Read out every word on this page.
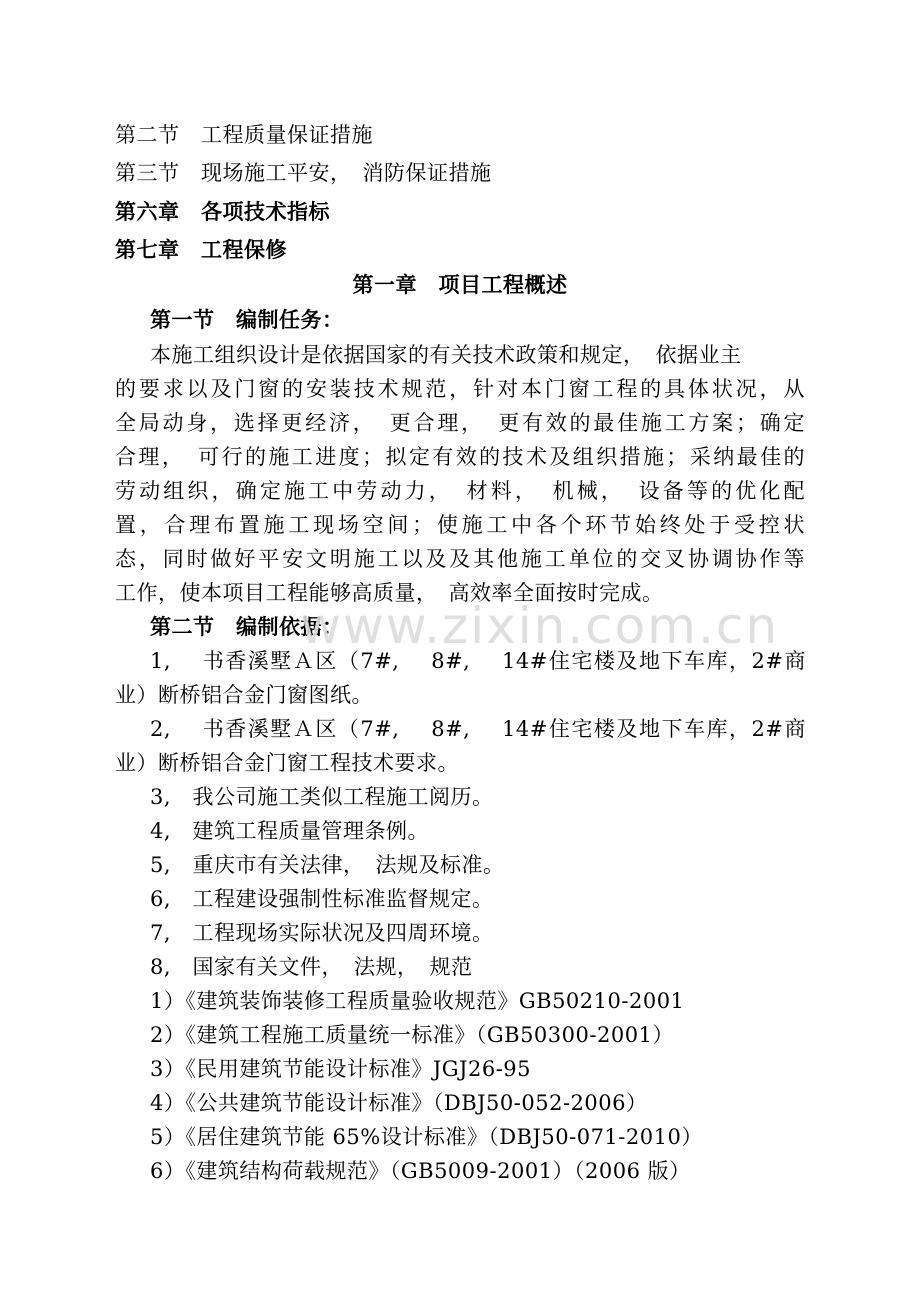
第二节　工程质量保证措施
第三节　现场施工平安，　消防保证措施
第六章　各项技术指标
第七章　工程保修
第一章　项目工程概述
第一节　编制任务：
本施工组织设计是依据国家的有关技术政策和规定，　依据业主
的要求以及门窗的安装技术规范，针对本门窗工程的具体状况，从
全局动身，选择更经济，　更合理，　更有效的最佳施工方案；确定
合理，　可行的施工进度；拟定有效的技术及组织措施；采纳最佳的
劳动组织，确定施工中劳动力，　材料，　机械，　设备等的优化配
置，合理布置施工现场空间；使施工中各个环节始终处于受控状
态，同时做好平安文明施工以及及其他施工单位的交叉协调协作等
工作，使本项目工程能够高质量，　高效率全面按时完成。
第二节　编制依据：
1,　 书香溪墅Ａ区（7#,　 8#,　 14#住宅楼及地下车库，2#商
业）断桥铝合金门窗图纸。
2,　 书香溪墅Ａ区（7#,　 8#,　 14#住宅楼及地下车库，2#商
业）断桥铝合金门窗工程技术要求。
3,　我公司施工类似工程施工阅历。
4,　建筑工程质量管理条例。
5,　重庆市有关法律，　法规及标准。
6,　工程建设强制性标准监督规定。
7,　工程现场实际状况及四周环境。
8,　国家有关文件，　法规，　规范
1）《建筑装饰装修工程质量验收规范》GB50210-2001
2）《建筑工程施工质量统一标准》（GB50300-2001）
3）《民用建筑节能设计标准》JGJ26-95
4）《公共建筑节能设计标准》（DBJ50-052-2006）
5）《居住建筑节能 65%设计标准》（DBJ50-071-2010）
6）《建筑结构荷载规范》（GB5009-2001）（2006 版）
www.zixin.com.cn
